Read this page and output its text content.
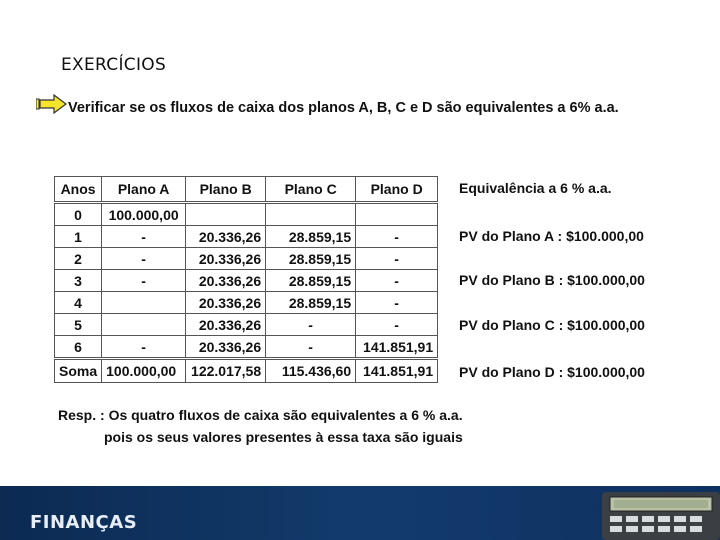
EXERCÍCIOS
Verificar se os fluxos de caixa dos planos A, B, C e D são equivalentes a 6% a.a.
Anos	Plano A	Plano B	Plano C	Plano D
0	100.000,00			
1	-	20.336,26	28.859,15	-
2	-	20.336,26	28.859,15	-
3	-	20.336,26	28.859,15	-
4		20.336,26	28.859,15	-
5		20.336,26	-	-
6	-	20.336,26	-	141.851,91
Soma	100.000,00	122.017,58	115.436,60	141.851,91
Equivalência a 6 % a.a.
PV do Plano A : $100.000,00
PV do Plano B : $100.000,00
PV do Plano C : $100.000,00
PV do Plano D : $100.000,00
Resp. : Os quatro fluxos de caixa são equivalentes a 6 % a.a.
pois os seus valores presentes à essa taxa são iguais
FINANÇAS
